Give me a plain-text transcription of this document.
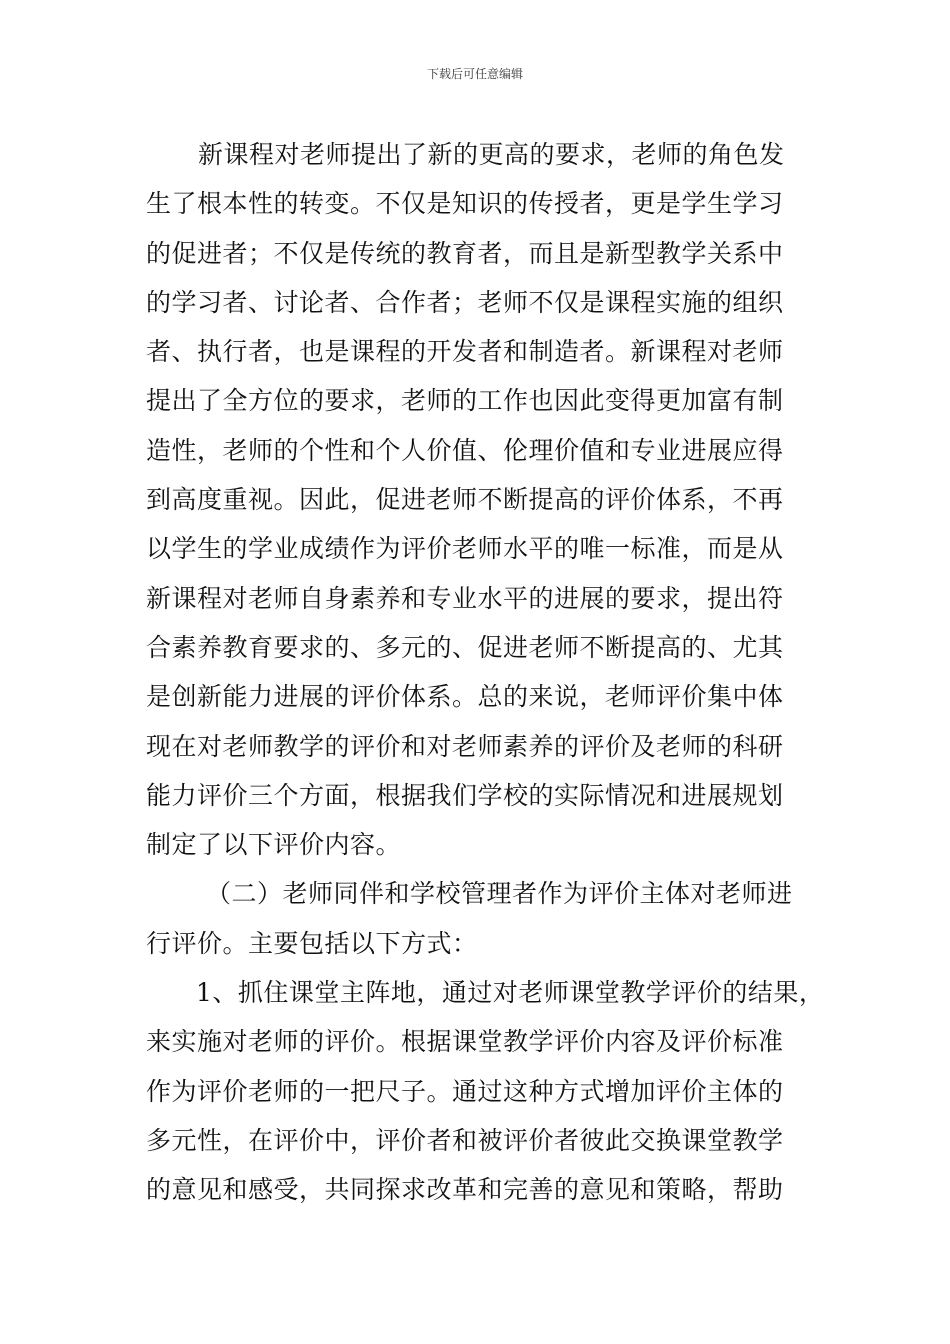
下载后可任意编辑
新课程对老师提出了新的更高的要求，老师的角色发
生了根本性的转变。不仅是知识的传授者，更是学生学习
的促进者；不仅是传统的教育者，而且是新型教学关系中
的学习者、讨论者、合作者；老师不仅是课程实施的组织
者、执行者，也是课程的开发者和制造者。新课程对老师
提出了全方位的要求，老师的工作也因此变得更加富有制
造性，老师的个性和个人价值、伦理价值和专业进展应得
到高度重视。因此，促进老师不断提高的评价体系，不再
以学生的学业成绩作为评价老师水平的唯一标准，而是从
新课程对老师自身素养和专业水平的进展的要求，提出符
合素养教育要求的、多元的、促进老师不断提高的、尤其
是创新能力进展的评价体系。总的来说，老师评价集中体
现在对老师教学的评价和对老师素养的评价及老师的科研
能力评价三个方面，根据我们学校的实际情况和进展规划
制定了以下评价内容。
（二）老师同伴和学校管理者作为评价主体对老师进
行评价。主要包括以下方式：
1、抓住课堂主阵地，通过对老师课堂教学评价的结果，
来实施对老师的评价。根据课堂教学评价内容及评价标准
作为评价老师的一把尺子。通过这种方式增加评价主体的
多元性，在评价中，评价者和被评价者彼此交换课堂教学
的意见和感受，共同探求改革和完善的意见和策略，帮助
